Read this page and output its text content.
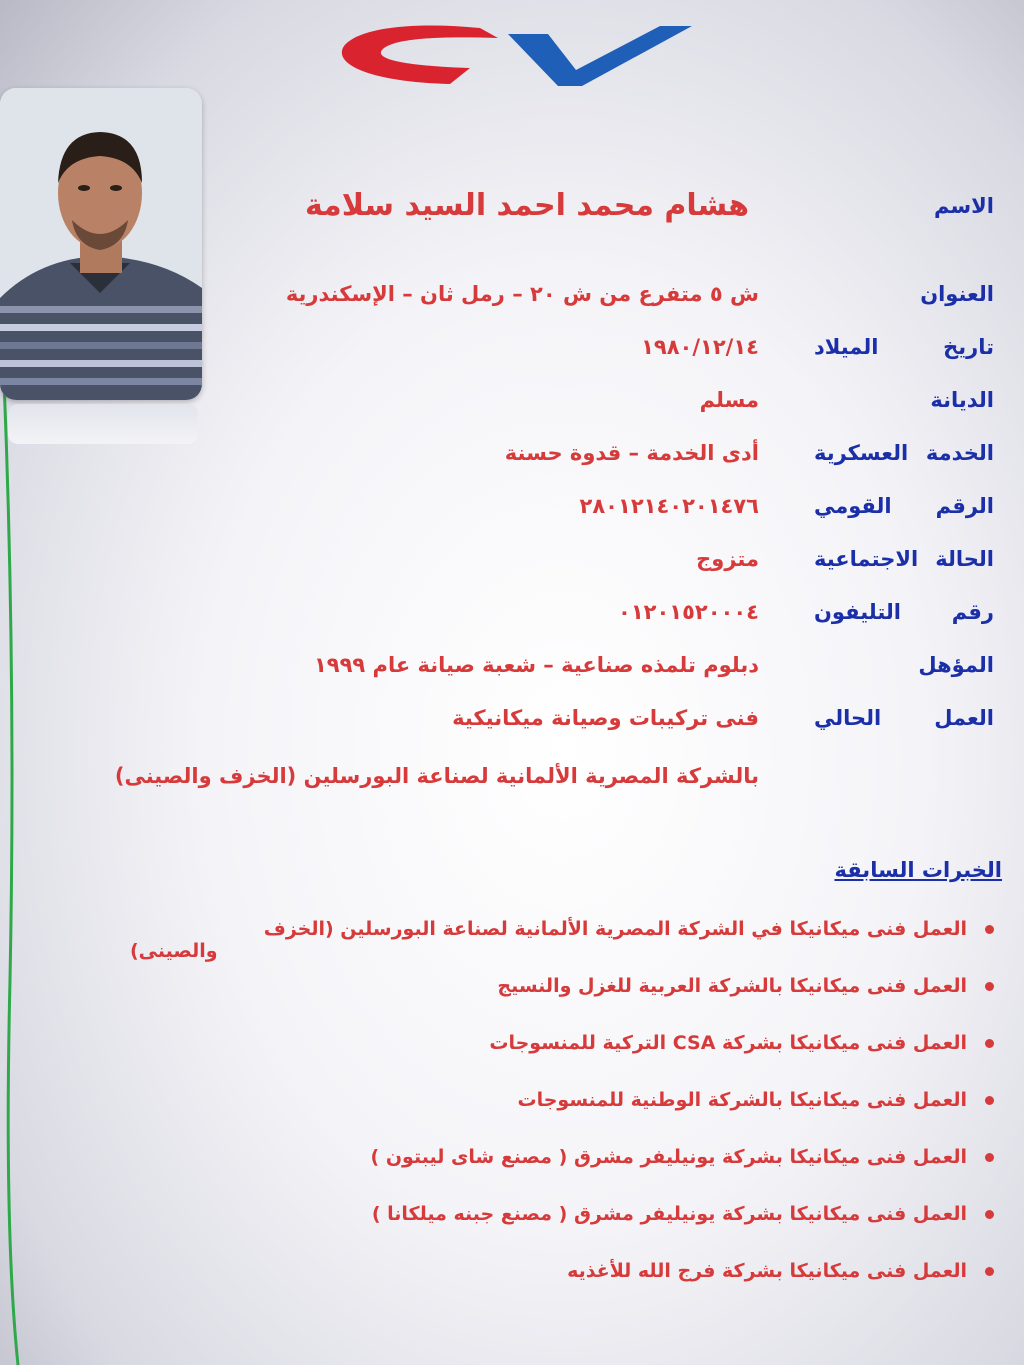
الاسم
هشام محمد احمد السيد سلامة
العنوان
ش ٥ متفرع من ش ٢٠ – رمل ثان – الإسكندرية
تاريخ الميلاد
١٩٨٠/١٢/١٤
الديانة
مسلم
الخدمة العسكرية
أدى الخدمة – قدوة حسنة
الرقم القومي
٢٨٠١٢١٤٠٢٠١٤٧٦
الحالة الاجتماعية
متزوج
رقم التليفون
٠١٢٠١٥٢٠٠٠٤
المؤهل
دبلوم تلمذه صناعية – شعبة صيانة عام ١٩٩٩
العمل الحالي
فنى تركيبات وصيانة ميكانيكية
بالشركة المصرية الألمانية لصناعة البورسلين (الخزف والصينى)
الخبرات السابقة
العمل فنى ميكانيكا في الشركة المصرية الألمانية لصناعة البورسلين (الخزف
والصينى)
العمل فنى ميكانيكا بالشركة العربية للغزل والنسيج
العمل فنى ميكانيكا بشركة CSA التركية للمنسوجات
العمل فنى ميكانيكا بالشركة الوطنية للمنسوجات
العمل فنى ميكانيكا بشركة يونيليفر مشرق ( مصنع شاى ليبتون )
العمل فنى ميكانيكا بشركة يونيليفر مشرق ( مصنع جبنه ميلكانا )
العمل فنى ميكانيكا بشركة فرج الله للأغذيه
